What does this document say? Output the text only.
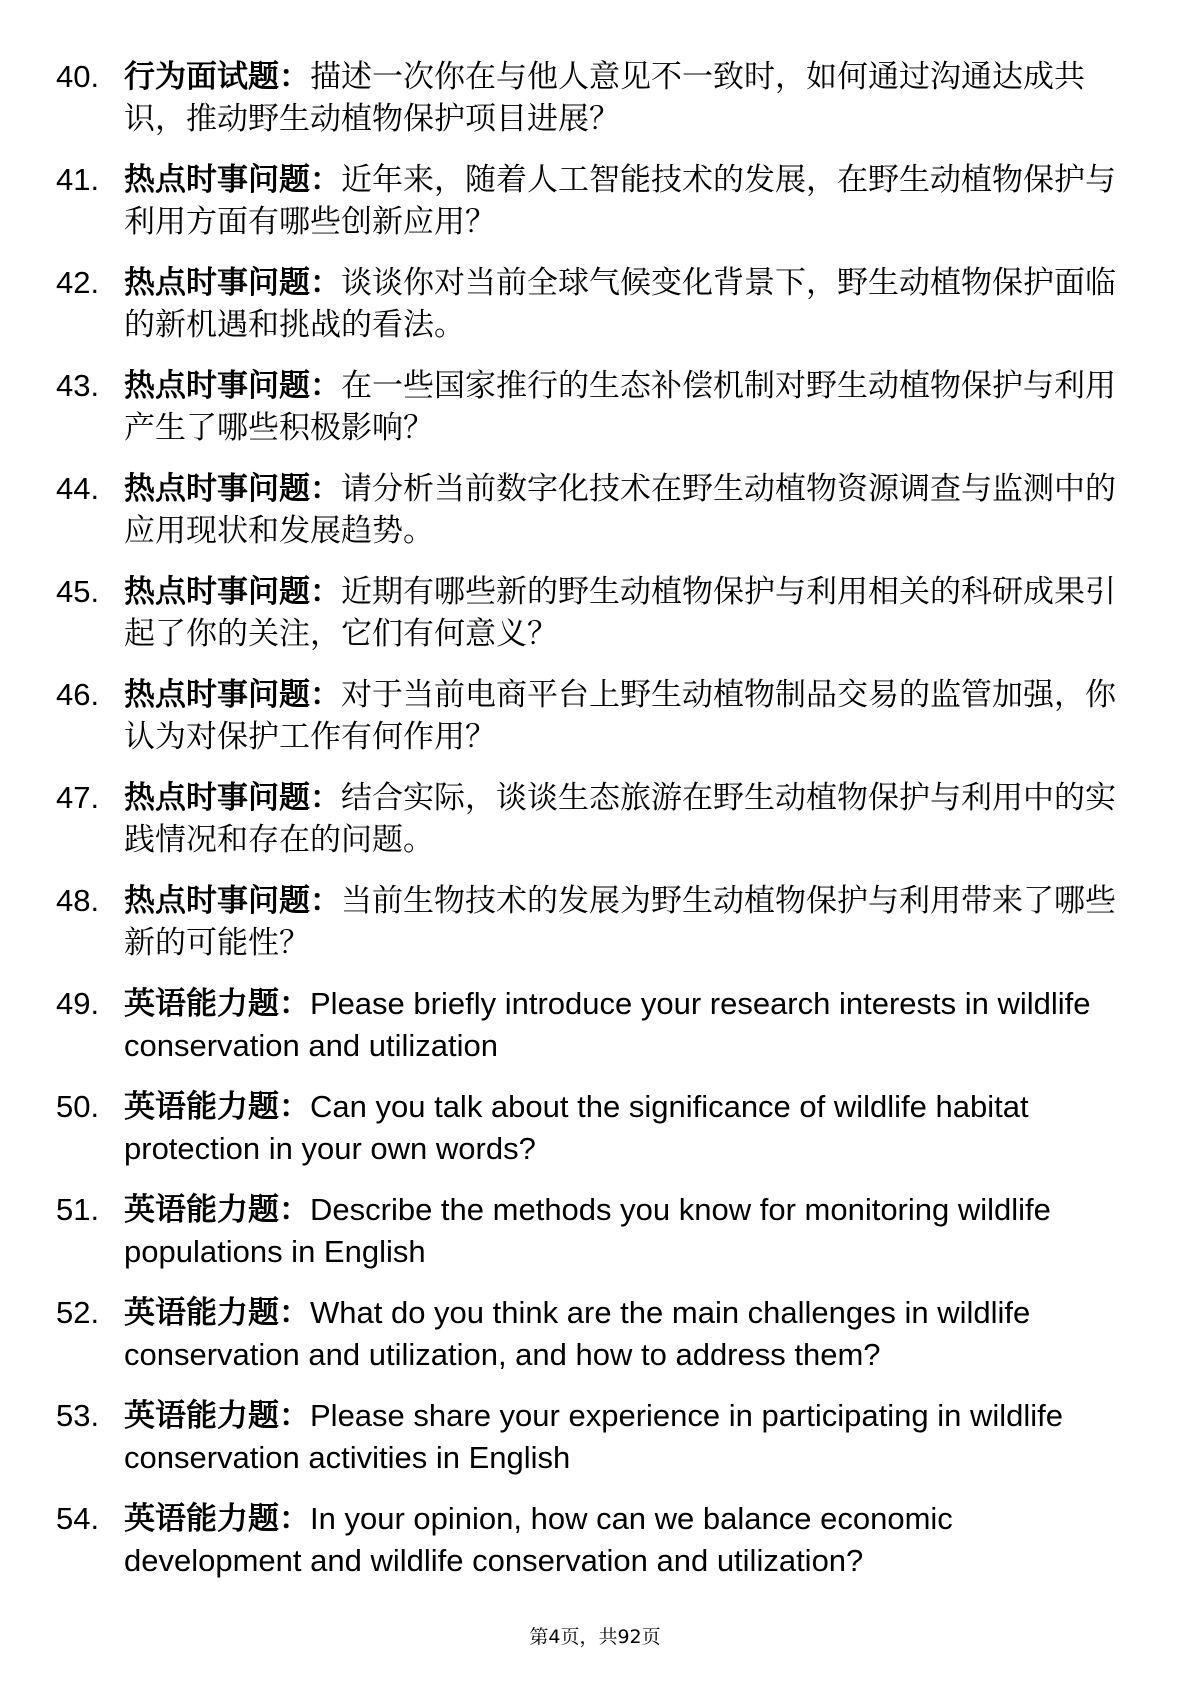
40. 行为面试题：描述一次你在与他人意见不一致时，如何通过沟通达成共识，推动野生动植物保护项目进展？
41. 热点时事问题：近年来，随着人工智能技术的发展，在野生动植物保护与利用方面有哪些创新应用？
42. 热点时事问题：谈谈你对当前全球气候变化背景下，野生动植物保护面临的新机遇和挑战的看法。
43. 热点时事问题：在一些国家推行的生态补偿机制对野生动植物保护与利用产生了哪些积极影响？
44. 热点时事问题：请分析当前数字化技术在野生动植物资源调查与监测中的应用现状和发展趋势。
45. 热点时事问题：近期有哪些新的野生动植物保护与利用相关的科研成果引起了你的关注，它们有何意义？
46. 热点时事问题：对于当前电商平台上野生动植物制品交易的监管加强，你认为对保护工作有何作用？
47. 热点时事问题：结合实际，谈谈生态旅游在野生动植物保护与利用中的实践情况和存在的问题。
48. 热点时事问题：当前生物技术的发展为野生动植物保护与利用带来了哪些新的可能性？
49. 英语能力题：Please briefly introduce your research interests in wildlife conservation and utilization
50. 英语能力题：Can you talk about the significance of wildlife habitat protection in your own words?
51. 英语能力题：Describe the methods you know for monitoring wildlife populations in English
52. 英语能力题：What do you think are the main challenges in wildlife conservation and utilization, and how to address them?
53. 英语能力题：Please share your experience in participating in wildlife conservation activities in English
54. 英语能力题：In your opinion, how can we balance economic development and wildlife conservation and utilization?
第4页，共92页
